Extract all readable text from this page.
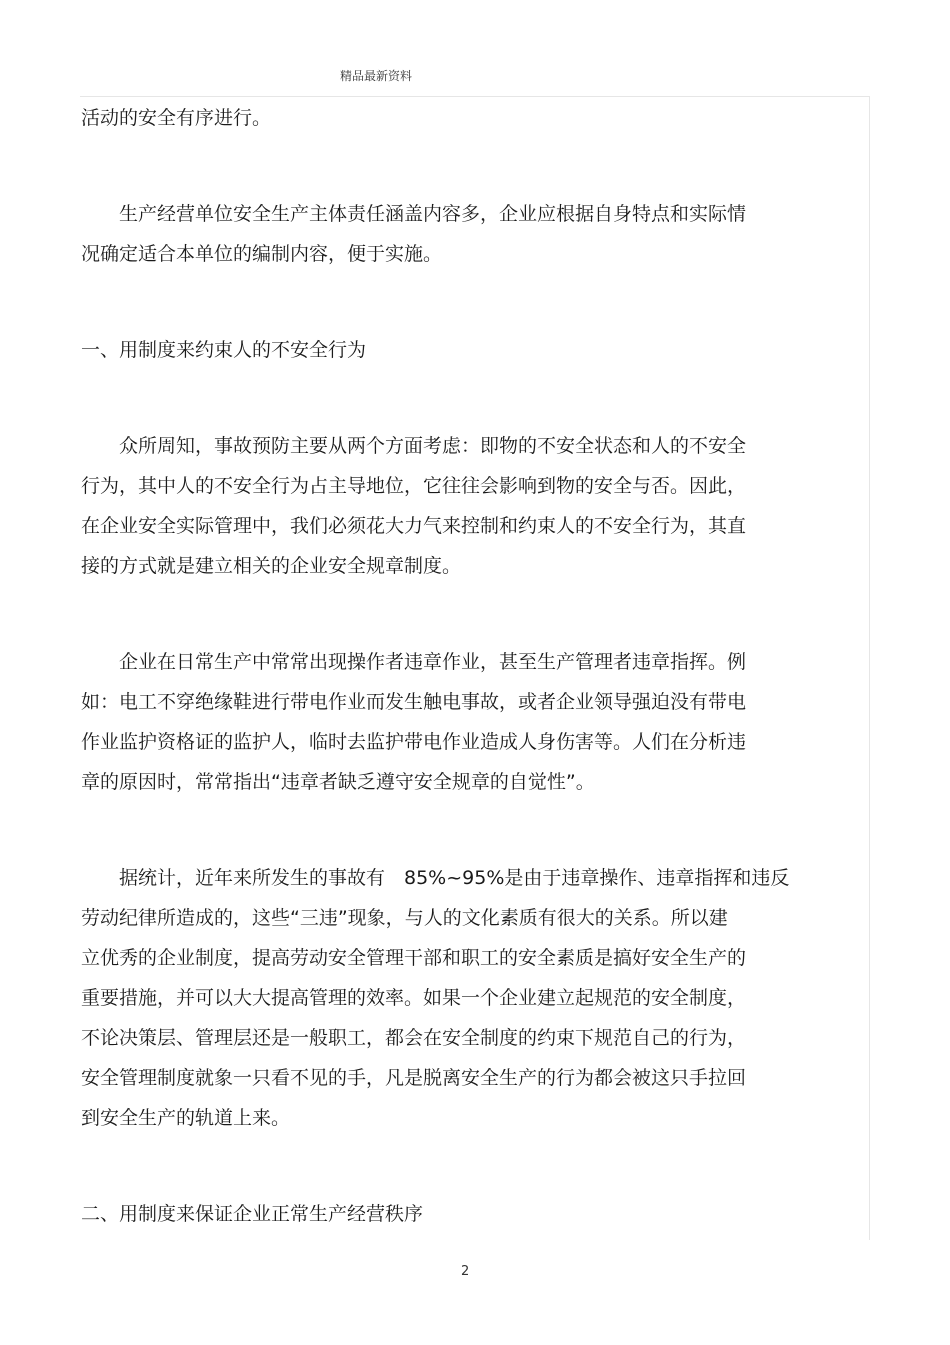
精品最新资料
活动的安全有序进行。
生产经营单位安全生产主体责任涵盖内容多，企业应根据自身特点和实际情
况确定适合本单位的编制内容，便于实施。
一、用制度来约束人的不安全行为
众所周知，事故预防主要从两个方面考虑：即物的不安全状态和人的不安全
行为，其中人的不安全行为占主导地位，它往往会影响到物的安全与否。因此，
在企业安全实际管理中，我们必须花大力气来控制和约束人的不安全行为，其直
接的方式就是建立相关的企业安全规章制度。
企业在日常生产中常常出现操作者违章作业，甚至生产管理者违章指挥。例
如：电工不穿绝缘鞋进行带电作业而发生触电事故，或者企业领导强迫没有带电
作业监护资格证的监护人，临时去监护带电作业造成人身伤害等。人们在分析违
章的原因时，常常指出“违章者缺乏遵守安全规章的自觉性”。
据统计，近年来所发生的事故有　85%~95%是由于违章操作、违章指挥和违反
劳动纪律所造成的，这些“三违”现象，与人的文化素质有很大的关系。所以建
立优秀的企业制度，提高劳动安全管理干部和职工的安全素质是搞好安全生产的
重要措施，并可以大大提高管理的效率。如果一个企业建立起规范的安全制度，
不论决策层、管理层还是一般职工，都会在安全制度的约束下规范自己的行为，
安全管理制度就象一只看不见的手，凡是脱离安全生产的行为都会被这只手拉回
到安全生产的轨道上来。
二、用制度来保证企业正常生产经营秩序
2
